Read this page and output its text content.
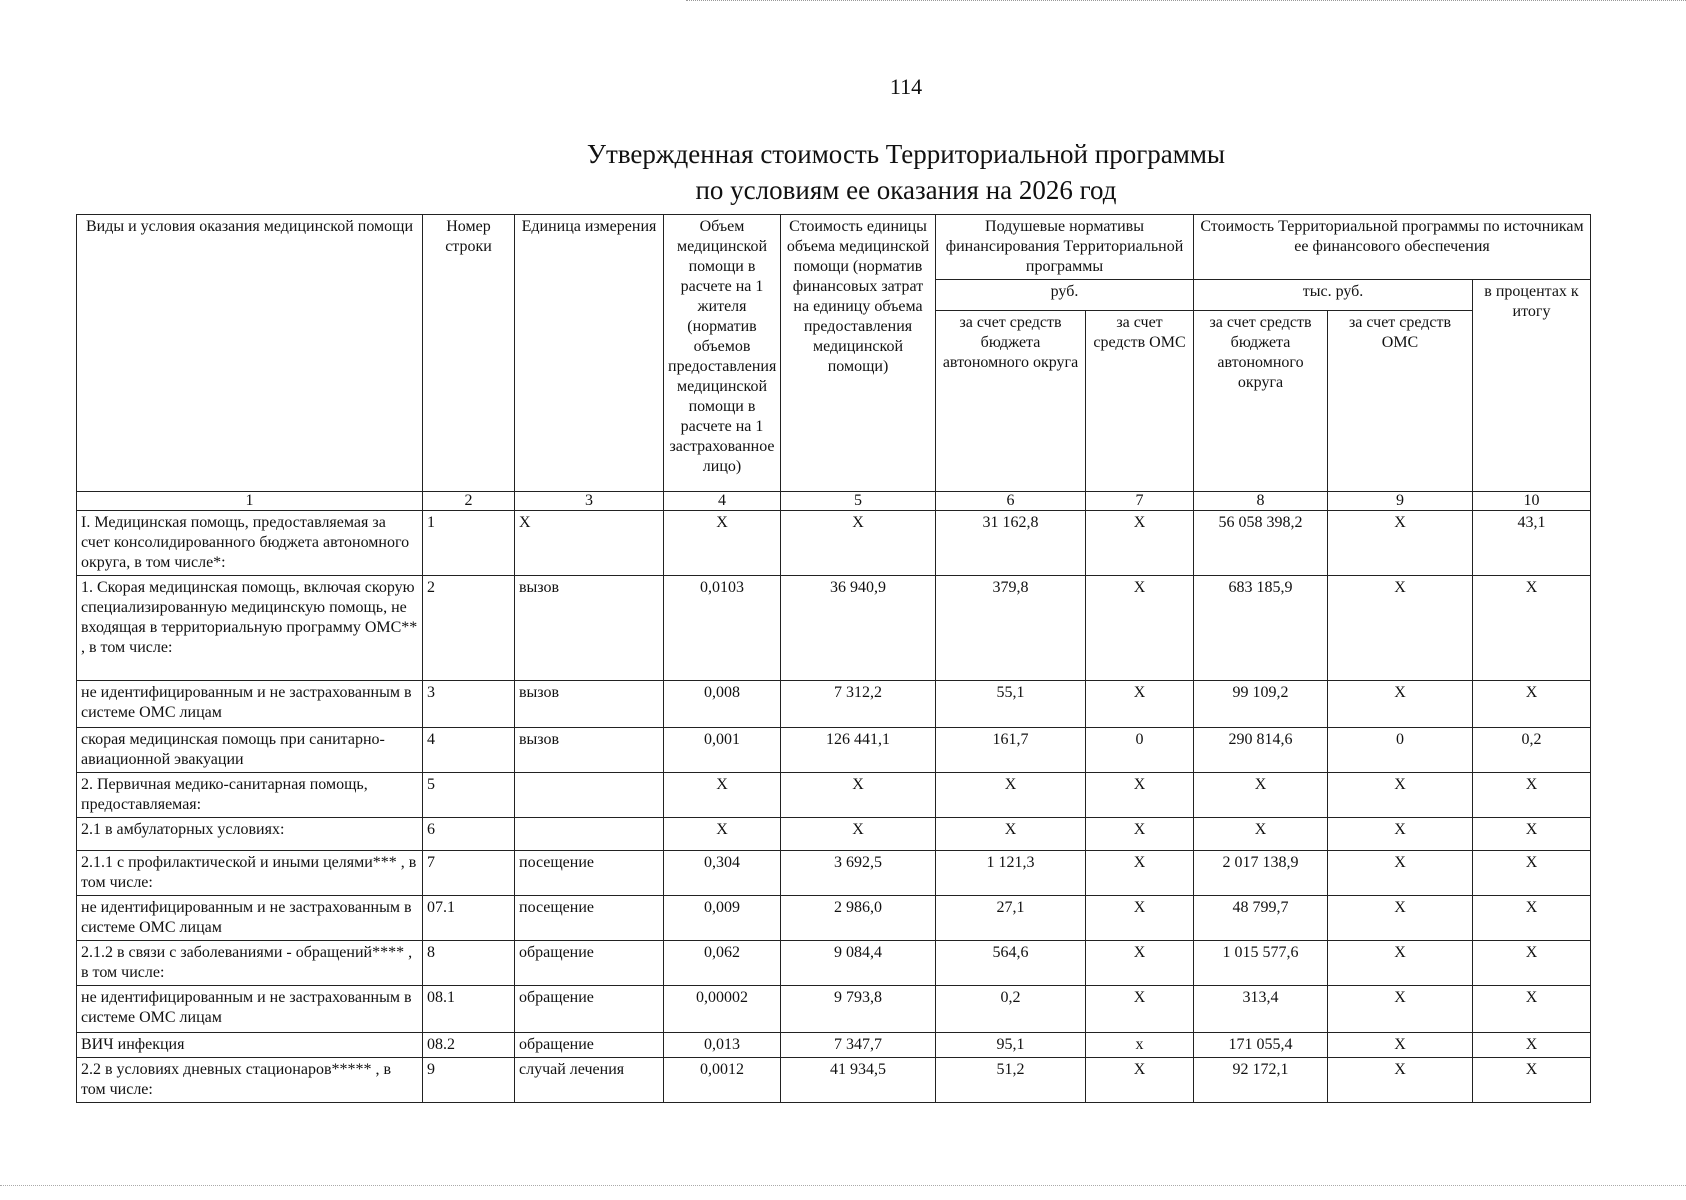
114
Утвержденная стоимость Территориальной программы
по условиям ее оказания на 2026 год
Виды и условия оказания медицинской помощи	Номер строки	Единица измерения	Объем медицинской помощи в расчете на 1 жителя (норматив объемов предоставления медицинской помощи в расчете на 1 застрахованное лицо)	Стоимость единицы объема медицинской помощи (норматив финансовых затрат на единицу объема предоставления медицинской помощи)	Подушевые нормативы финансирования Территориальной программы		Стоимость Территориальной программы по источникам ее финансового обеспечения		
					руб.		тыс. руб.		в процентах к итогу
					за счет средств бюджета автономного округа	за счет средств ОМС	за счет средств бюджета автономного округа	за счет средств ОМС	
1	2	3	4	5	6	7	8	9	10
I. Медицинская помощь, предоставляемая за счет консолидированного бюджета автономного округа, в том числе*:	1	X	X	X	31 162,8	X	56 058 398,2	X	43,1
1. Скорая медицинская помощь, включая скорую специализированную медицинскую помощь, не входящая в территориальную программу ОМС** , в том числе:	2	вызов	0,0103	36 940,9	379,8	X	683 185,9	X	X
не идентифицированным и не застрахованным в системе ОМС лицам	3	вызов	0,008	7 312,2	55,1	X	99 109,2	X	X
скорая медицинская помощь при санитарно-авиационной эвакуации	4	вызов	0,001	126 441,1	161,7	0	290 814,6	0	0,2
2. Первичная медико-санитарная помощь, предоставляемая:	5		X	X	X	X	X	X	X
2.1 в амбулаторных условиях:	6		X	X	X	X	X	X	X
2.1.1 с профилактической и иными целями*** , в том числе:	7	посещение	0,304	3 692,5	1 121,3	X	2 017 138,9	X	X
не идентифицированным и не застрахованным в системе ОМС лицам	07.1	посещение	0,009	2 986,0	27,1	X	48 799,7	X	X
2.1.2 в связи с заболеваниями - обращений**** , в том числе:	8	обращение	0,062	9 084,4	564,6	X	1 015 577,6	X	X
не идентифицированным и не застрахованным в системе ОМС лицам	08.1	обращение	0,00002	9 793,8	0,2	X	313,4	X	X
ВИЧ инфекция	08.2	обращение	0,013	7 347,7	95,1	х	171 055,4	X	X
2.2 в условиях дневных стационаров***** , в том числе:	9	случай лечения	0,0012	41 934,5	51,2	X	92 172,1	X	X
